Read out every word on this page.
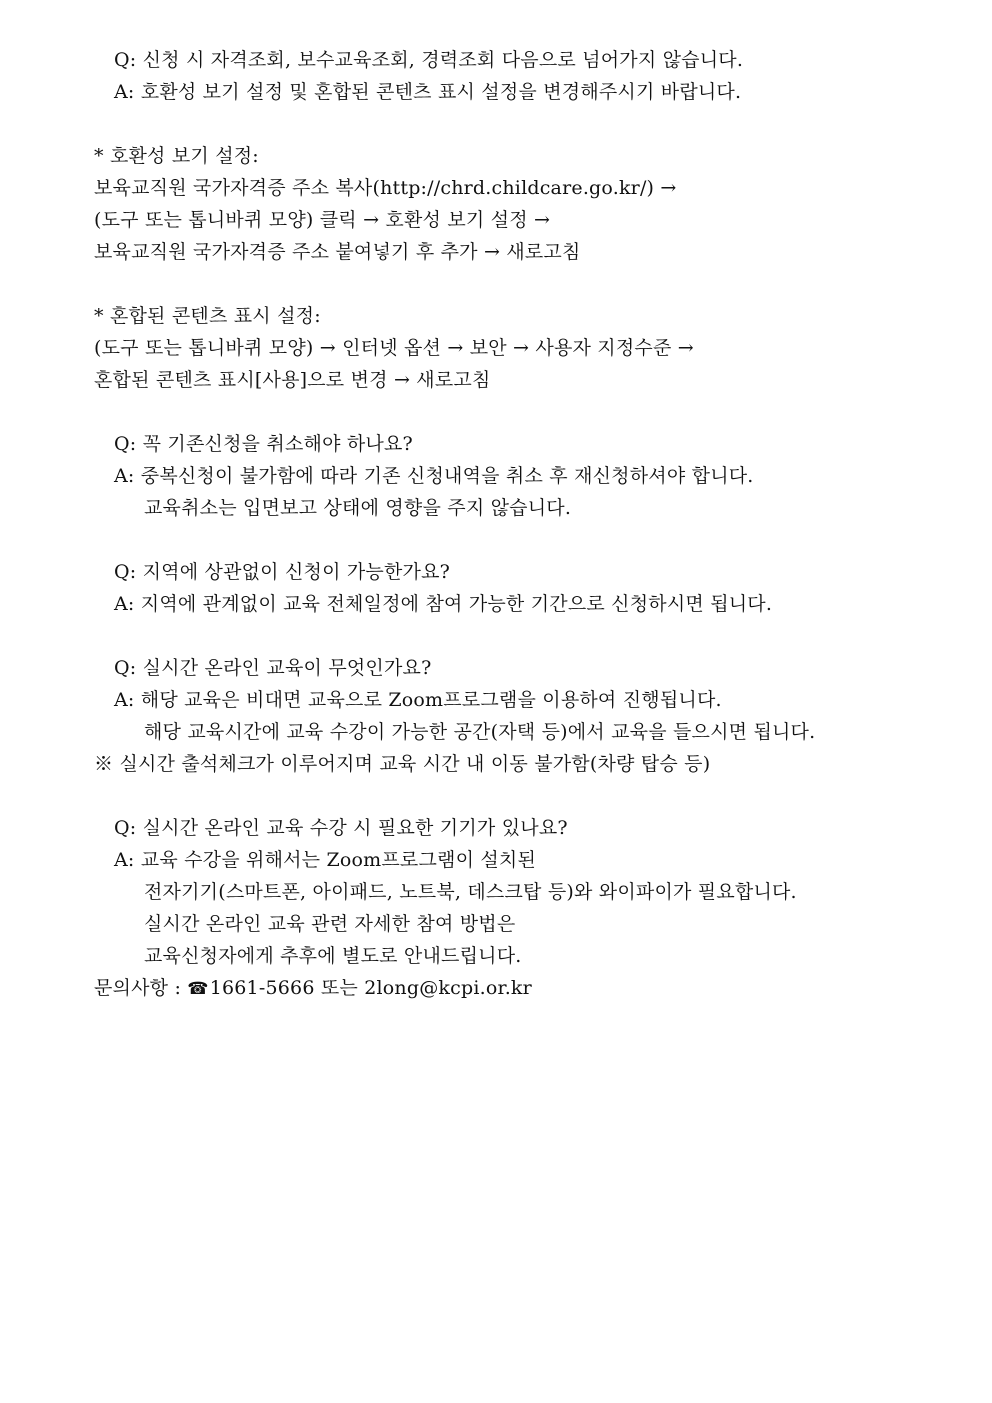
Q: 신청 시 자격조회, 보수교육조회, 경력조회 다음으로 넘어가지 않습니다.
A: 호환성 보기 설정 및 혼합된 콘텐츠 표시 설정을 변경해주시기 바랍니다.
* 호환성 보기 설정:
보육교직원 국가자격증 주소 복사(http://chrd.childcare.go.kr/) →
(도구 또는 톱니바퀴 모양) 클릭 → 호환성 보기 설정 →
보육교직원 국가자격증 주소 붙여넣기 후 추가 → 새로고침
* 혼합된 콘텐츠 표시 설정:
(도구 또는 톱니바퀴 모양) → 인터넷 옵션 → 보안 → 사용자 지정수준 →
혼합된 콘텐츠 표시[사용]으로 변경 → 새로고침
Q: 꼭 기존신청을 취소해야 하나요?
A: 중복신청이 불가함에 따라 기존 신청내역을 취소 후 재신청하셔야 합니다.
교육취소는 입면보고 상태에 영향을 주지 않습니다.
Q: 지역에 상관없이 신청이 가능한가요?
A: 지역에 관계없이 교육 전체일정에 참여 가능한 기간으로 신청하시면 됩니다.
Q: 실시간 온라인 교육이 무엇인가요?
A: 해당 교육은 비대면 교육으로 Zoom프로그램을 이용하여 진행됩니다.
해당 교육시간에 교육 수강이 가능한 공간(자택 등)에서 교육을 들으시면 됩니다.
※ 실시간 출석체크가 이루어지며 교육 시간 내 이동 불가함(차량 탑승 등)
Q: 실시간 온라인 교육 수강 시 필요한 기기가 있나요?
A: 교육 수강을 위해서는 Zoom프로그램이 설치된
전자기기(스마트폰, 아이패드, 노트북, 데스크탑 등)와 와이파이가 필요합니다.
실시간 온라인 교육 관련 자세한 참여 방법은
교육신청자에게 추후에 별도로 안내드립니다.
문의사항 : ☎1661-5666 또는 2long@kcpi.or.kr
